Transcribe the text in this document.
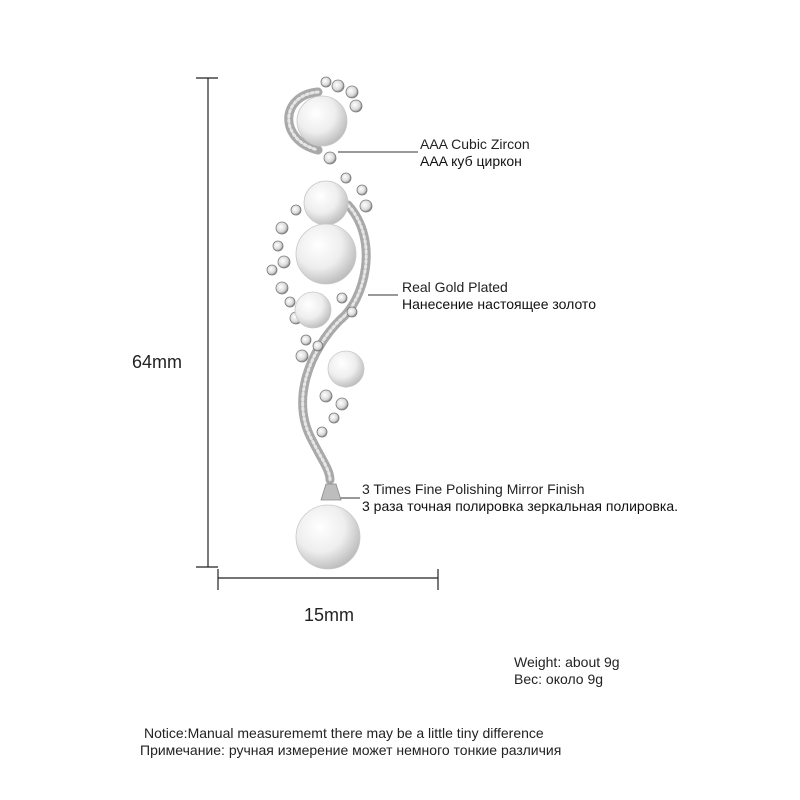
64mm
15mm
AAA Cubic Zircon
AAA куб циркон
Real Gold Plated
Нанесение настоящее золото
3 Times Fine Polishing Mirror Finish
3 раза точная полировка зеркальная полировка.
Weight: about 9g
Вес: около 9g
Notice:Manual measurememt there may be a little tiny difference
Примечание: ручная измерение может немного тонкие различия
